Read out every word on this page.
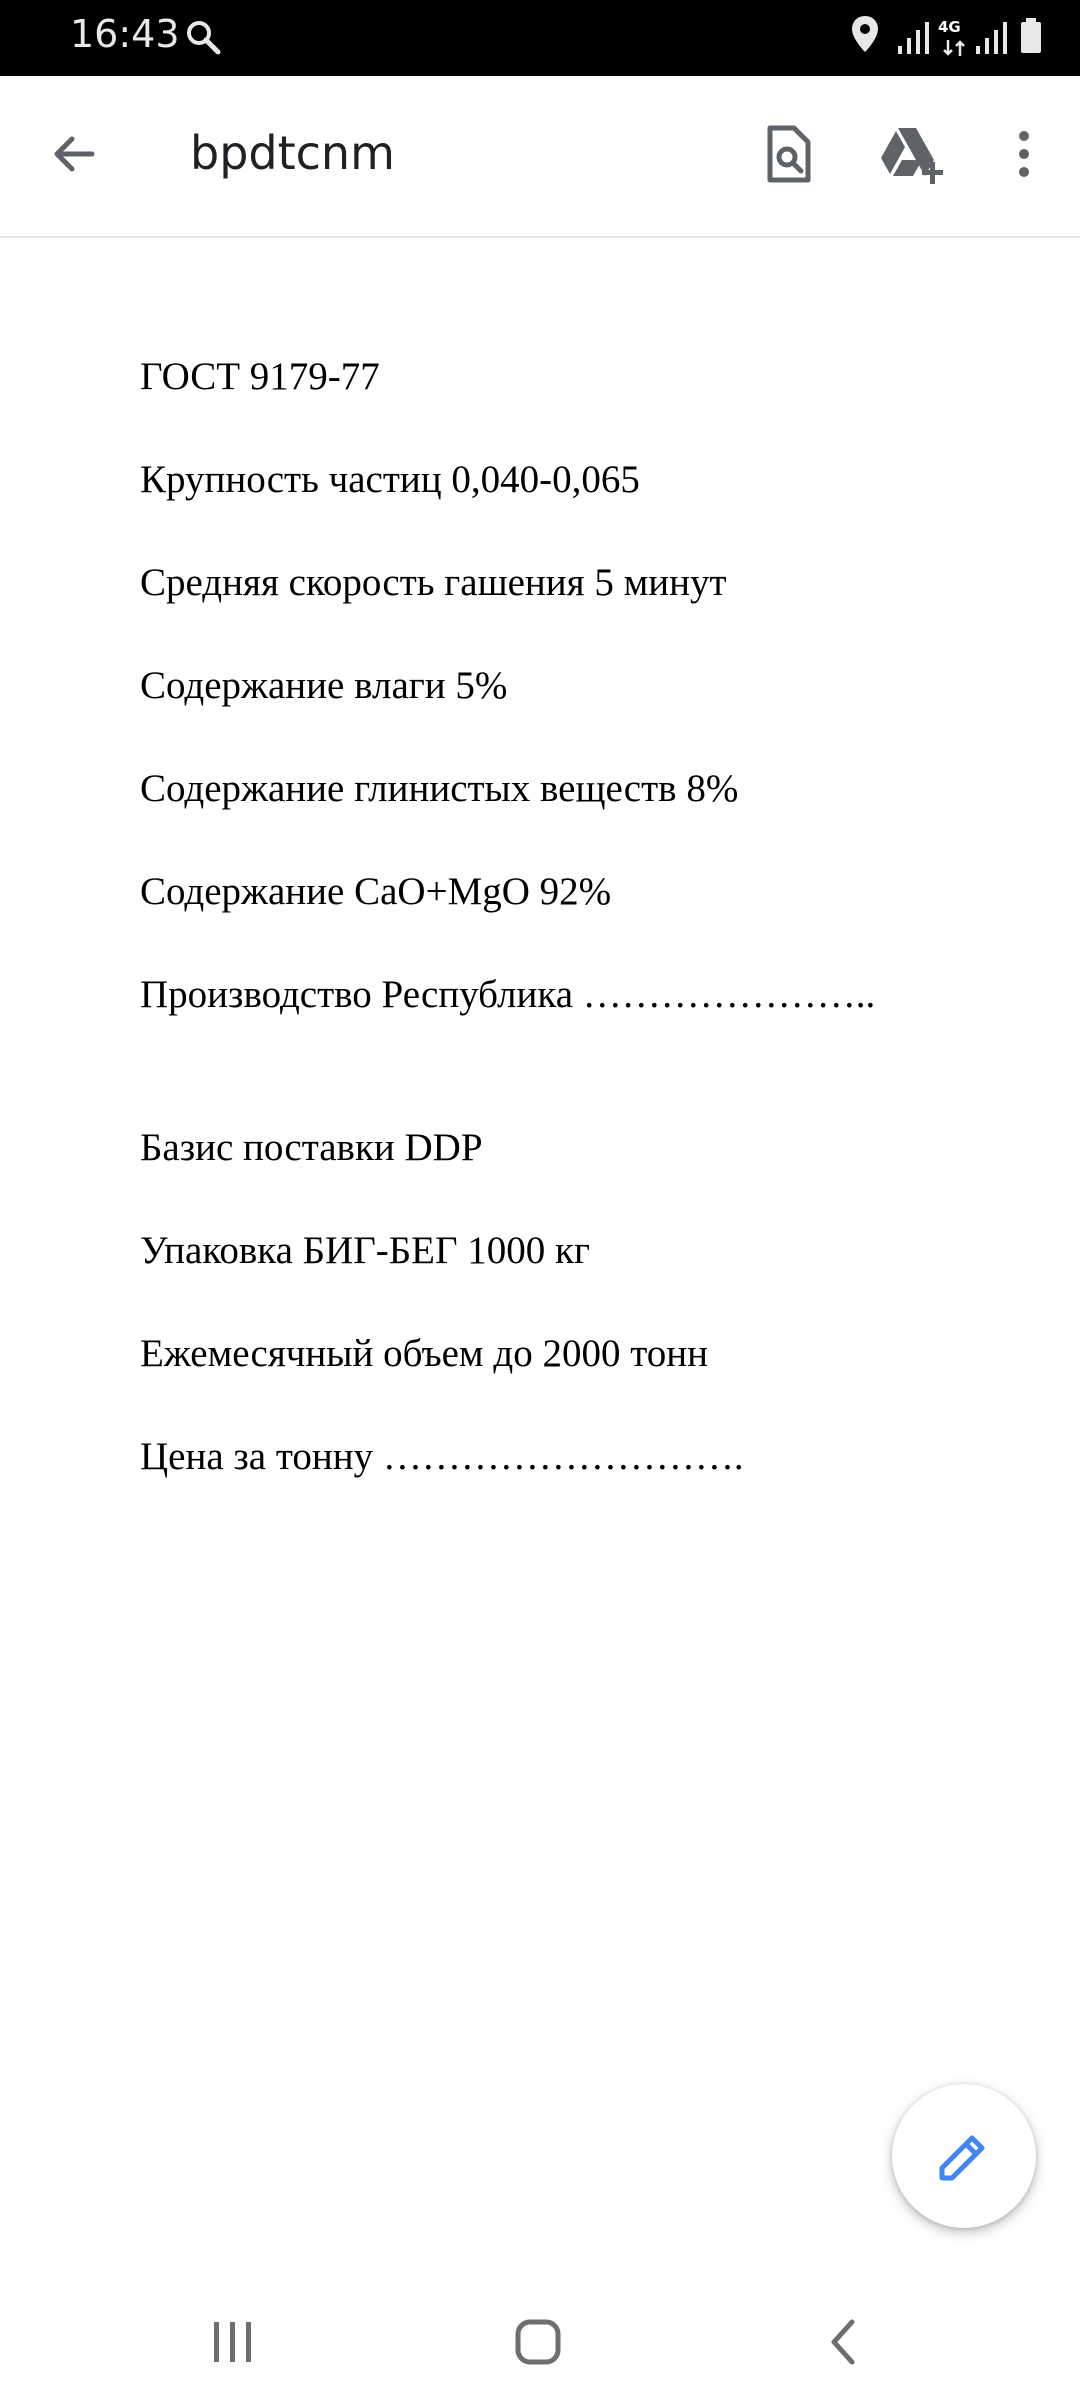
16:43	4G
bpdtcnm

ГОСТ 9179-77

Крупность частиц 0,040-0,065

Средняя скорость гашения 5 минут

Содержание влаги 5%

Содержание глинистых веществ 8%

Содержание CaO+MgO 92%

Производство Республика …………………..

Базис поставки DDP

Упаковка БИГ-БЕГ 1000 кг

Ежемесячный объем до 2000 тонн

Цена за тонну ……………………….
